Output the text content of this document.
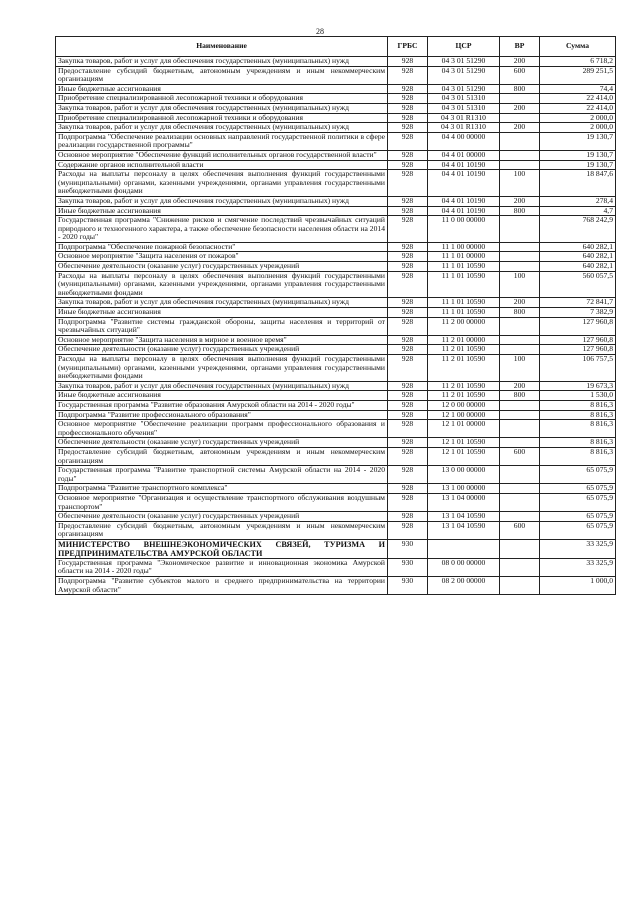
28
Наименование	ГРБС	ЦСР	ВР	Сумма
Закупка товаров, работ и услуг для обеспечения государственных (муниципальных) нужд	928	04 3 01 51290	200	6 718,2
Предоставление субсидий бюджетным, автономным учреждениям и иным некоммерческим организациям	928	04 3 01 51290	600	289 251,5
Иные бюджетные ассигнования	928	04 3 01 51290	800	74,4
Приобретение специализированной лесопожарной техники и оборудования	928	04 3 01 51310		22 414,0
Закупка товаров, работ и услуг для обеспечения государственных (муниципальных) нужд	928	04 3 01 51310	200	22 414,0
Приобретение специализированной лесопожарной техники и оборудования	928	04 3 01 R1310		2 000,0
Закупка товаров, работ и услуг для обеспечения государственных (муниципальных) нужд	928	04 3 01 R1310	200	2 000,0
Подпрограмма "Обеспечение реализации основных направлений государственной политики в сфере реализации государственной программы"	928	04 4 00 00000		19 130,7
Основное мероприятие "Обеспечение функций исполнительных органов государственной власти"	928	04 4 01 00000		19 130,7
Содержание органов исполнительной власти	928	04 4 01 10190		19 130,7
Расходы на выплаты персоналу в целях обеспечения выполнения функций государственными (муниципальными) органами, казенными учреждениями, органами управления государственными внебюджетными фондами	928	04 4 01 10190	100	18 847,6
Закупка товаров, работ и услуг для обеспечения государственных (муниципальных) нужд	928	04 4 01 10190	200	278,4
Иные бюджетные ассигнования	928	04 4 01 10190	800	4,7
Государственная программа "Снижение рисков и смягчение последствий чрезвычайных ситуаций природного и техногенного характера, а также обеспечение безопасности населения области на 2014 - 2020 годы"	928	11 0 00 00000		768 242,9
Подпрограмма "Обеспечение пожарной безопасности"	928	11 1 00 00000		640 282,1
Основное мероприятие "Защита населения от пожаров"	928	11 1 01 00000		640 282,1
Обеспечение деятельности (оказание услуг) государственных учреждений	928	11 1 01 10590		640 282,1
Расходы на выплаты персоналу в целях обеспечения выполнения функций государственными (муниципальными) органами, казенными учреждениями, органами управления государственными внебюджетными фондами	928	11 1 01 10590	100	560 057,5
Закупка товаров, работ и услуг для обеспечения государственных (муниципальных) нужд	928	11 1 01 10590	200	72 841,7
Иные бюджетные ассигнования	928	11 1 01 10590	800	7 382,9
Подпрограмма "Развитие системы гражданской обороны, защиты населения и территорий от чрезвычайных ситуаций"	928	11 2 00 00000		127 960,8
Основное мероприятие "Защита населения в мирное и военное время"	928	11 2 01 00000		127 960,8
Обеспечение деятельности (оказание услуг) государственных учреждений	928	11 2 01 10590		127 960,8
Расходы на выплаты персоналу в целях обеспечения выполнения функций государственными (муниципальными) органами, казенными учреждениями, органами управления государственными внебюджетными фондами	928	11 2 01 10590	100	106 757,5
Закупка товаров, работ и услуг для обеспечения государственных (муниципальных) нужд	928	11 2 01 10590	200	19 673,3
Иные бюджетные ассигнования	928	11 2 01 10590	800	1 530,0
Государственная программа "Развитие образования Амурской области на 2014 - 2020 годы"	928	12 0 00 00000		8 816,3
Подпрограмма "Развитие профессионального образования"	928	12 1 00 00000		8 816,3
Основное мероприятие "Обеспечение реализации программ профессионального образования и профессионального обучения"	928	12 1 01 00000		8 816,3
Обеспечение деятельности (оказание услуг) государственных учреждений	928	12 1 01 10590		8 816,3
Предоставление субсидий бюджетным, автономным учреждениям и иным некоммерческим организациям	928	12 1 01 10590	600	8 816,3
Государственная программа "Развитие транспортной системы Амурской области на 2014 - 2020 годы"	928	13 0 00 00000		65 075,9
Подпрограмма "Развитие транспортного комплекса"	928	13 1 00 00000		65 075,9
Основное мероприятие "Организация и осуществление транспортного обслуживания воздушным транспортом"	928	13 1 04 00000		65 075,9
Обеспечение деятельности (оказание услуг) государственных учреждений	928	13 1 04 10590		65 075,9
Предоставление субсидий бюджетным, автономным учреждениям и иным некоммерческим организациям	928	13 1 04 10590	600	65 075,9
МИНИСТЕРСТВО ВНЕШНЕЭКОНОМИЧЕСКИХ СВЯЗЕЙ, ТУРИЗМА И ПРЕДПРИНИМАТЕЛЬСТВА АМУРСКОЙ ОБЛАСТИ	930			33 325,9
Государственная программа "Экономическое развитие и инновационная экономика Амурской области на 2014 - 2020 годы"	930	08 0 00 00000		33 325,9
Подпрограмма "Развитие субъектов малого и среднего предпринимательства на территории Амурской области"	930	08 2 00 00000		1 000,0
